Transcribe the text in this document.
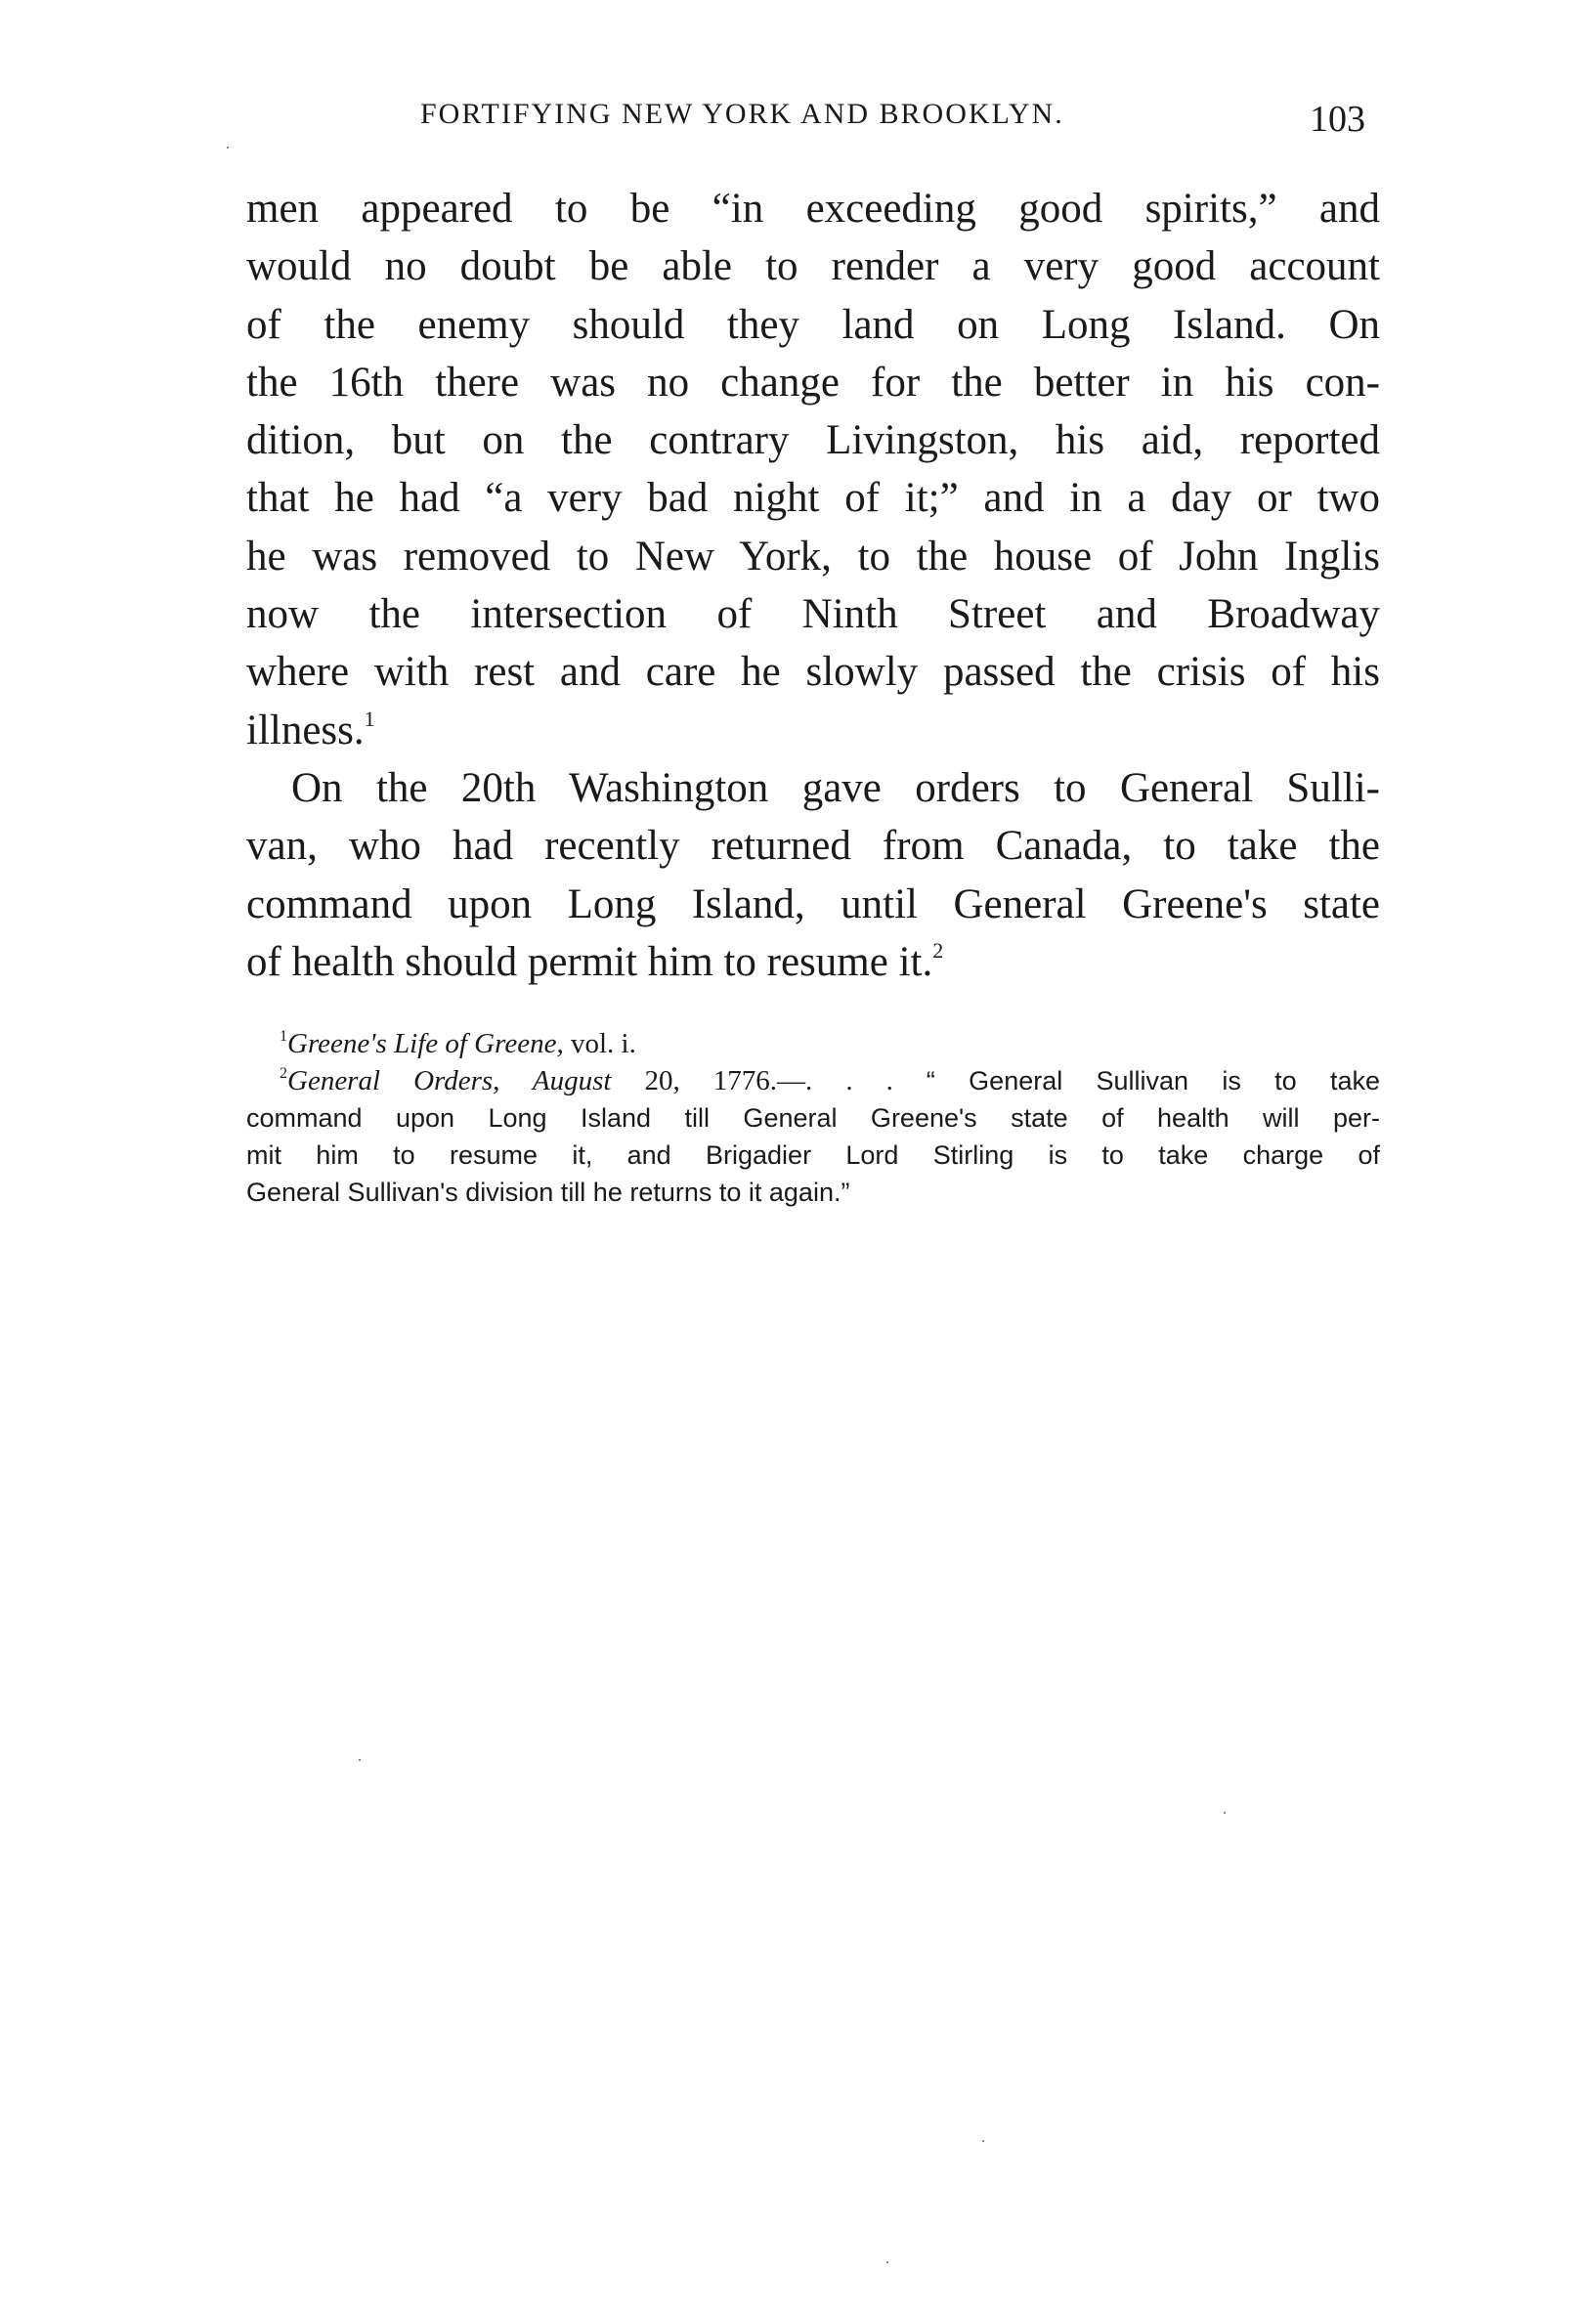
FORTIFYING NEW YORK AND BROOKLYN.	103
men appeared to be “in exceeding good spirits,” and
would no doubt be able to render a very good account
of the enemy should they land on Long Island. On
the 16th there was no change for the better in his con-
dition, but on the contrary Livingston, his aid, reported
that he had “a very bad night of it;” and in a day or two
he was removed to New York, to the house of John Inglis
now the intersection of Ninth Street and Broadway
where with rest and care he slowly passed the crisis of his
illness.$^1$
On the 20th Washington gave orders to General Sulli-
van, who had recently returned from Canada, to take the
command upon Long Island, until General Greene's state
of health should permit him to resume it.$^2$
$^1$Greene's Life of Greene, vol. i.
$^2$General Orders, August 20, 1776.—. . . “ General Sullivan is to take
command upon Long Island till General Greene's state of health will per-
mit him to resume it, and Brigadier Lord Stirling is to take charge of
General Sullivan's division till he returns to it again.”
